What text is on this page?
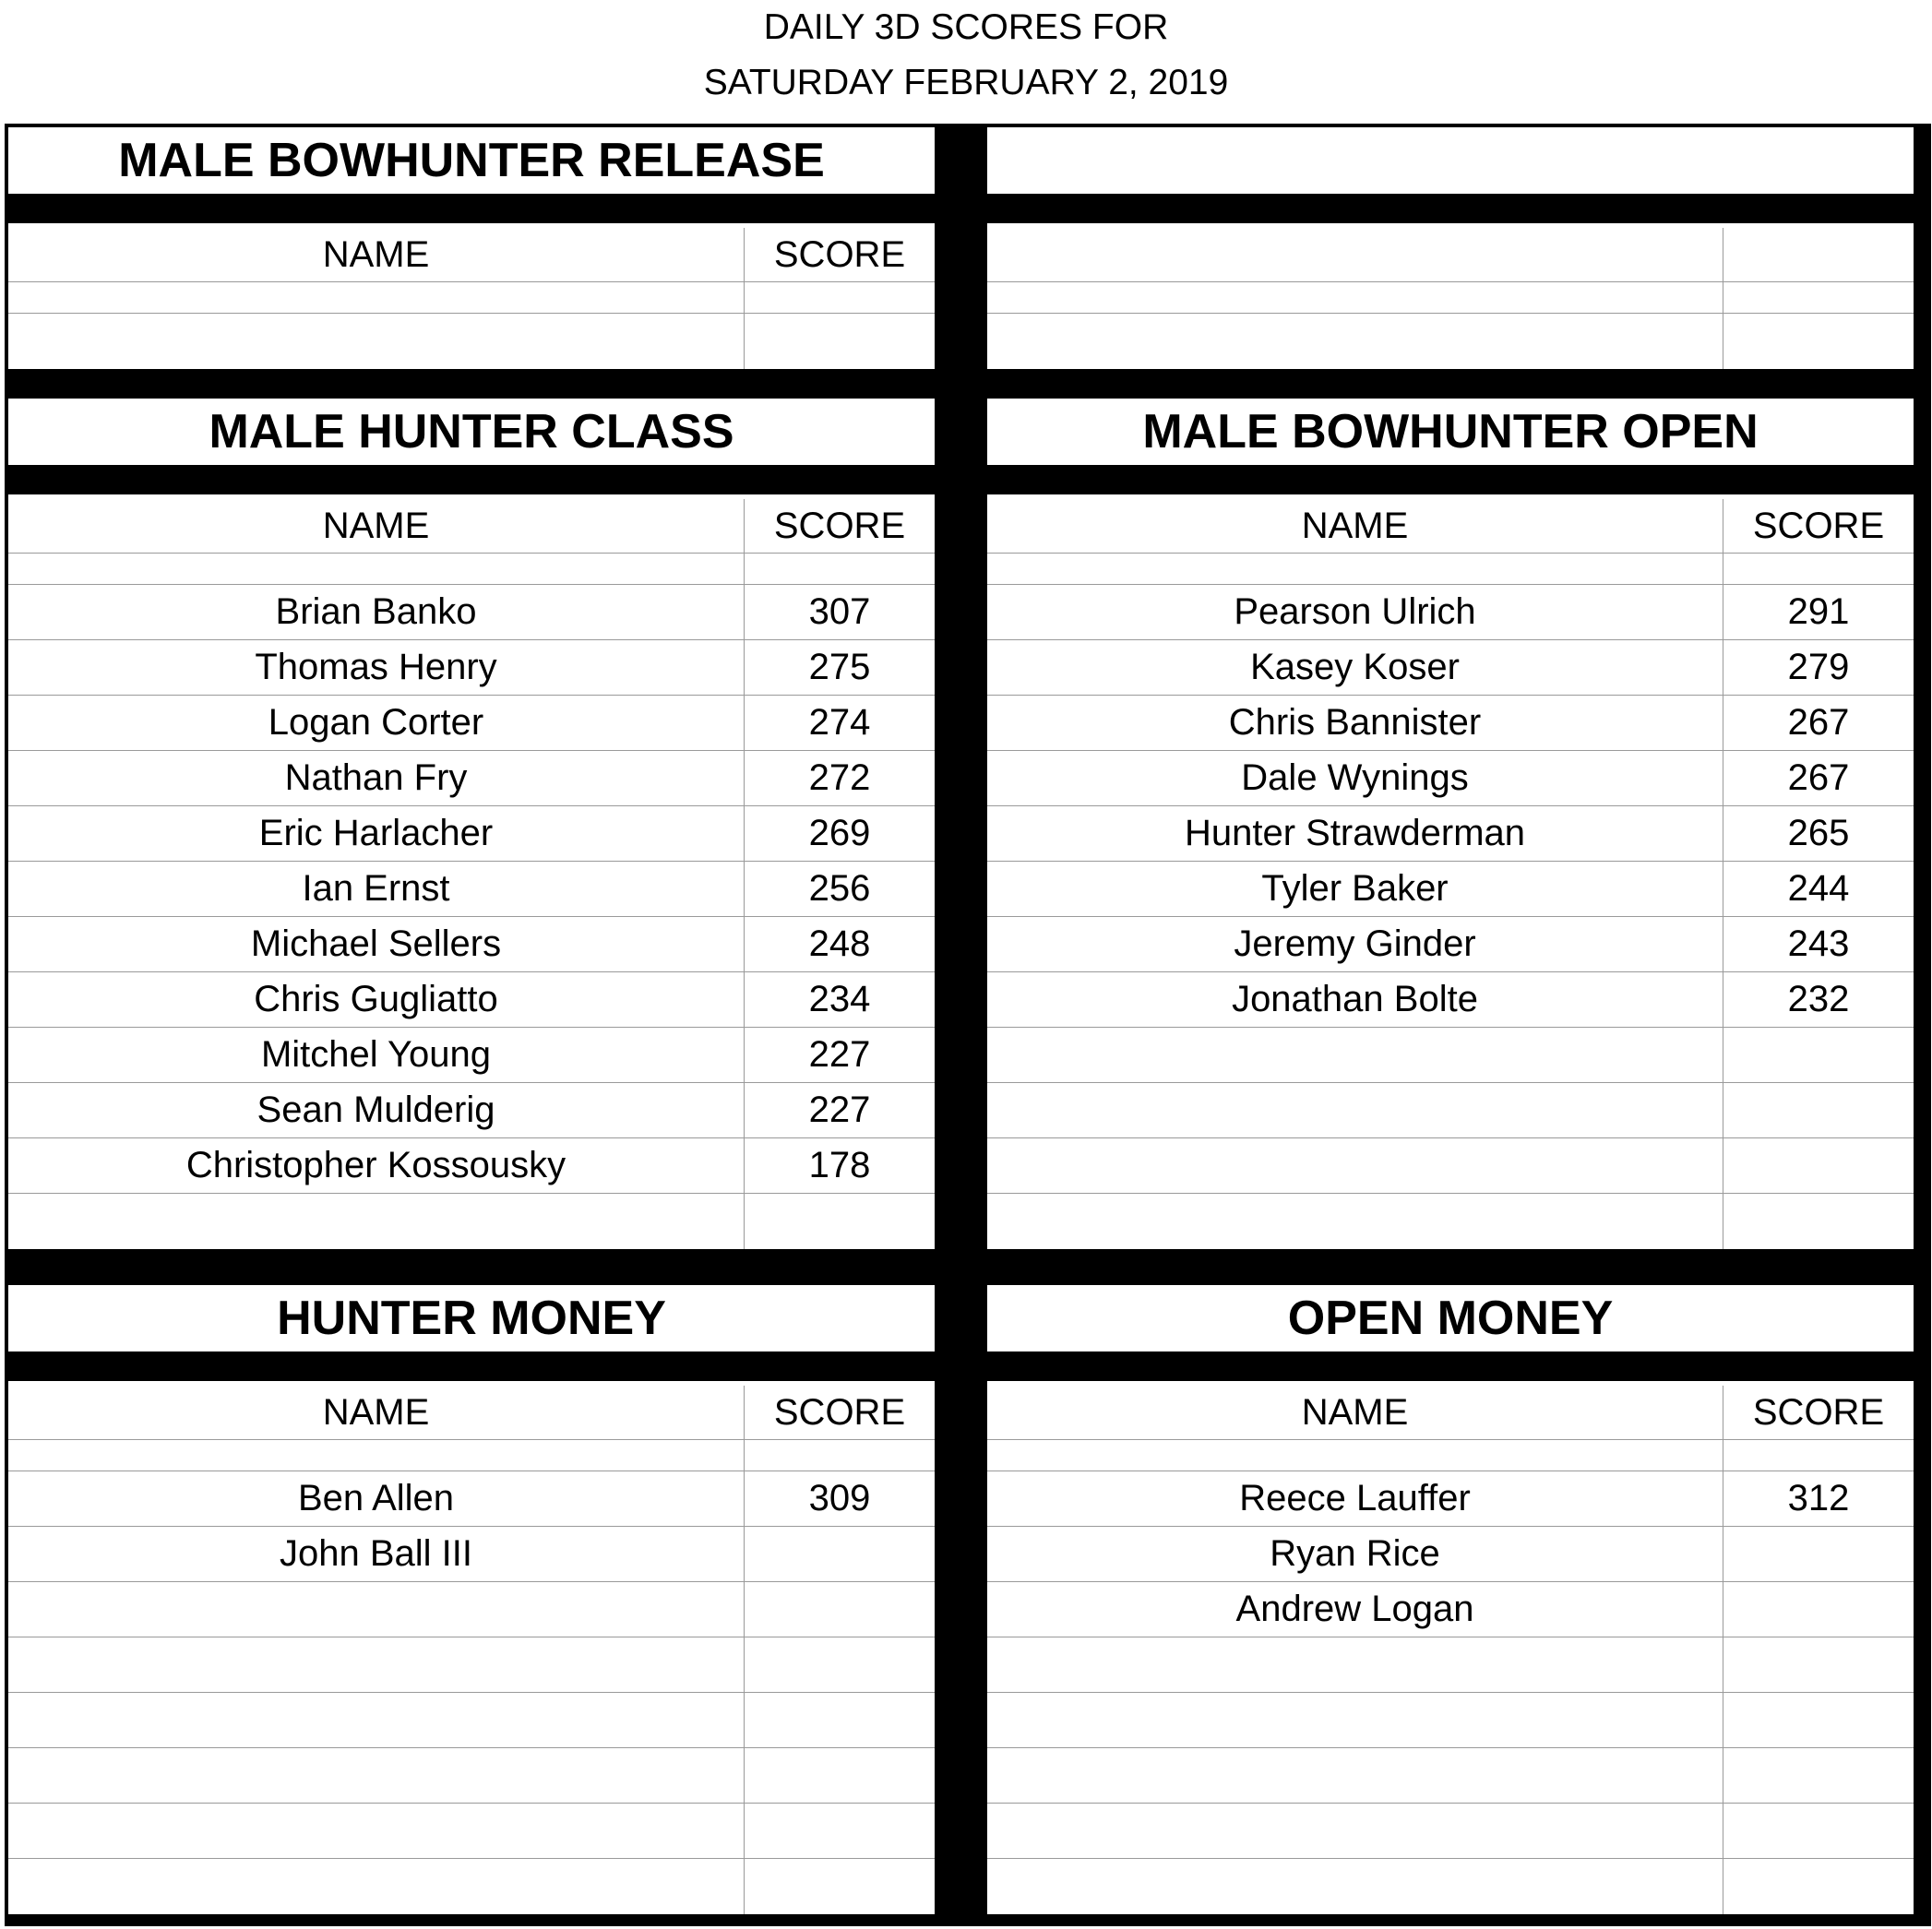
DAILY 3D SCORES FOR
SATURDAY FEBRUARY 2, 2019
MALE BOWHUNTER RELEASE
NAME	SCORE
MALE HUNTER CLASS
NAME	SCORE
Brian Banko	307
Thomas Henry	275
Logan Corter	274
Nathan Fry	272
Eric Harlacher	269
Ian Ernst	256
Michael Sellers	248
Chris Gugliatto	234
Mitchel Young	227
Sean Mulderig	227
Christopher Kossousky	178
HUNTER MONEY
NAME	SCORE
Ben Allen	309
John Ball III
MALE BOWHUNTER OPEN
NAME	SCORE
Pearson Ulrich	291
Kasey Koser	279
Chris Bannister	267
Dale Wynings	267
Hunter Strawderman	265
Tyler Baker	244
Jeremy Ginder	243
Jonathan Bolte	232
OPEN MONEY
NAME	SCORE
Reece Lauffer	312
Ryan Rice
Andrew Logan
